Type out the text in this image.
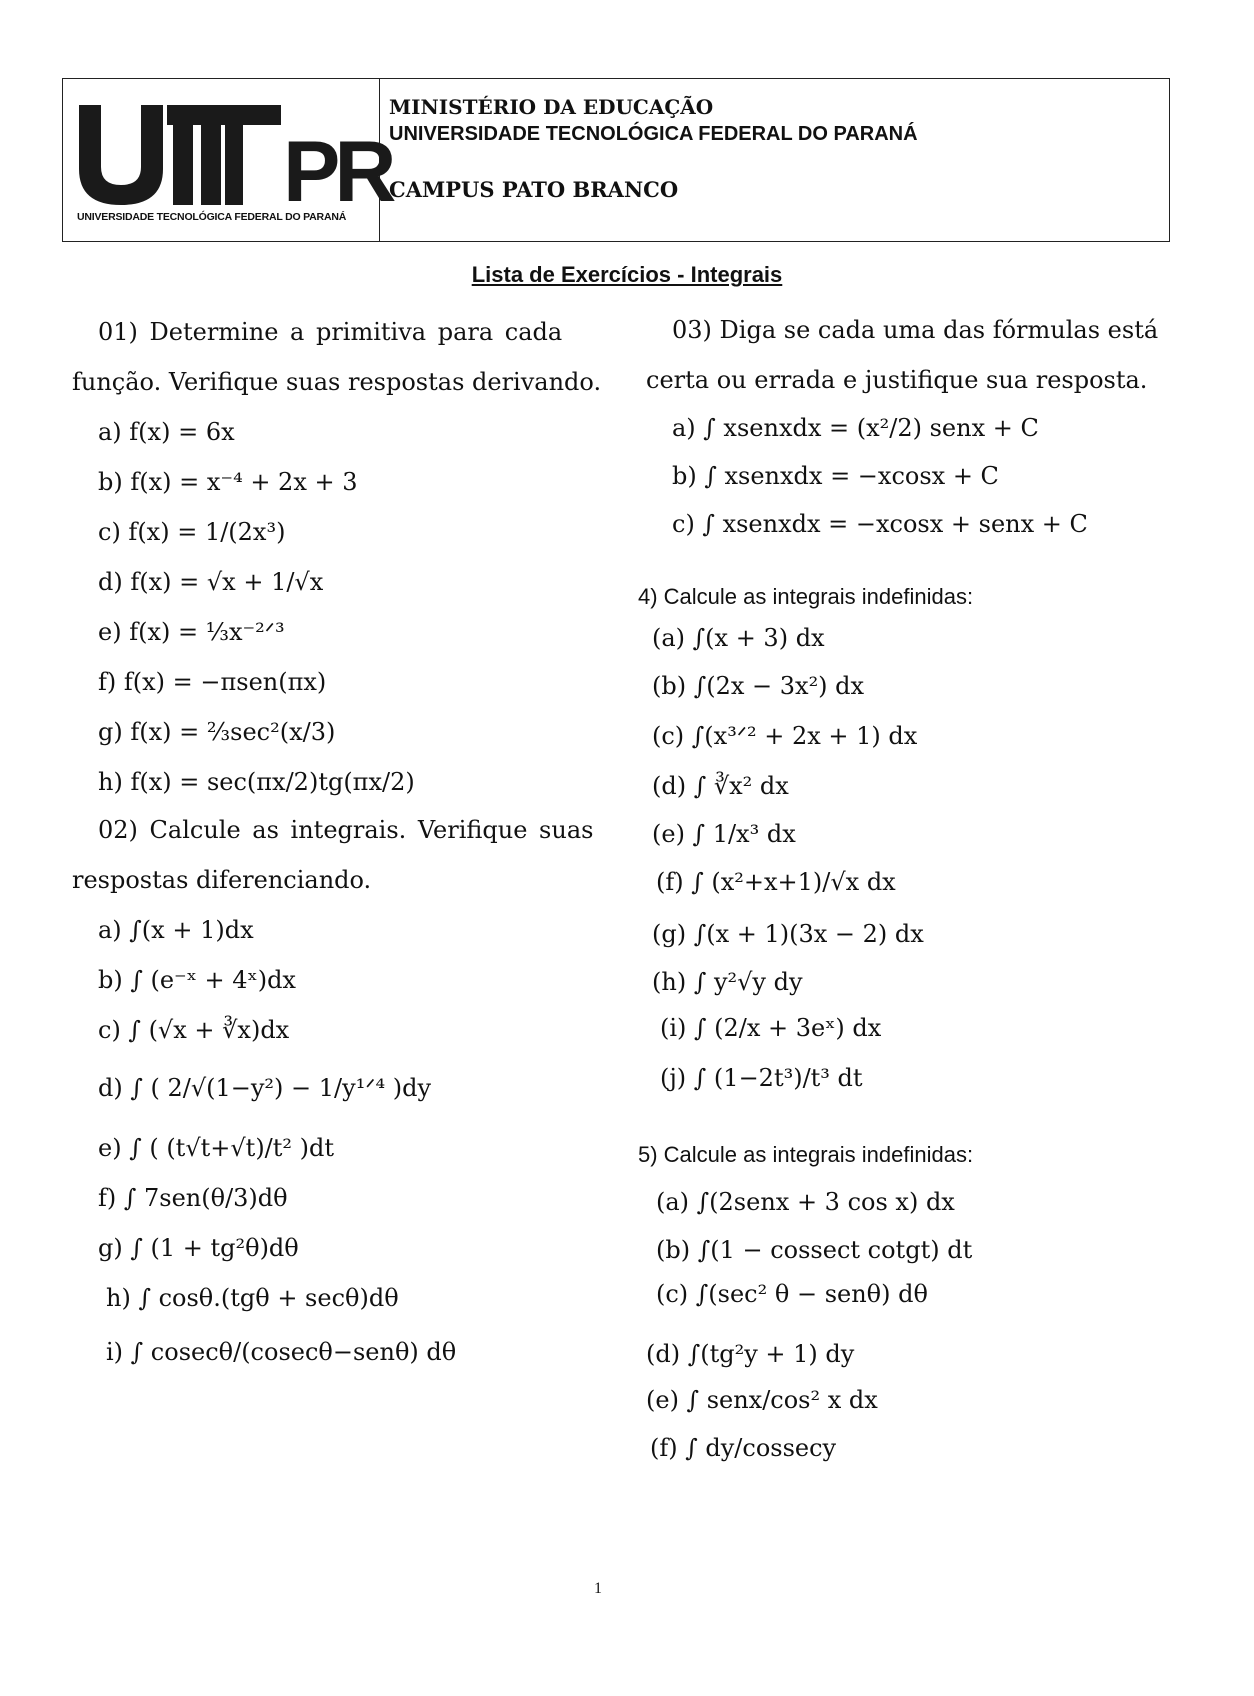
PR
UNIVERSIDADE TECNOLÓGICA FEDERAL DO PARANÁ
MINISTÉRIO DA EDUCAÇÃO
UNIVERSIDADE TECNOLÓGICA FEDERAL DO PARANÁ
CAMPUS PATO BRANCO
Lista de Exercícios - Integrais
01) Determine a primitiva para cada
função. Verifique suas respostas derivando.
a) f(x) = 6x
b) f(x) = x⁻⁴ + 2x + 3
c) f(x) = 1/(2x³)
d) f(x) = √x + 1/√x
e) f(x) = ⅓x⁻²ᐟ³
f) f(x) = −πsen(πx)
g) f(x) = ⅔sec²(x/3)
h) f(x) = sec(πx/2)tg(πx/2)
02) Calcule as integrais. Verifique suas
respostas diferenciando.
a) ∫(x + 1)dx
b) ∫ (e⁻ˣ + 4ˣ)dx
c) ∫ (√x + ∛x)dx
d) ∫ ( 2/√(1−y²) − 1/y¹ᐟ⁴ )dy
e) ∫ ( (t√t+√t)/t² )dt
f) ∫ 7sen(θ/3)dθ
g) ∫ (1 + tg²θ)dθ
h) ∫ cosθ.(tgθ + secθ)dθ
i) ∫ cosecθ/(cosecθ−senθ) dθ
03) Diga se cada uma das fórmulas está
certa ou errada e justifique sua resposta.
a) ∫ xsenxdx = (x²/2) senx + C
b) ∫ xsenxdx = −xcosx + C
c) ∫ xsenxdx = −xcosx + senx + C
4) Calcule as integrais indefinidas:
(a) ∫(x + 3) dx
(b) ∫(2x − 3x²) dx
(c) ∫(x³ᐟ² + 2x + 1) dx
(d) ∫ ∛x² dx
(e) ∫ 1/x³ dx
(f) ∫ (x²+x+1)/√x dx
(g) ∫(x + 1)(3x − 2) dx
(h) ∫ y²√y dy
(i) ∫ (2/x + 3eˣ) dx
(j) ∫ (1−2t³)/t³ dt
5) Calcule as integrais indefinidas:
(a) ∫(2senx + 3 cos x) dx
(b) ∫(1 − cossect cotgt) dt
(c) ∫(sec² θ − senθ) dθ
(d) ∫(tg²y + 1) dy
(e) ∫ senx/cos² x dx
(f) ∫ dy/cossecy
1
